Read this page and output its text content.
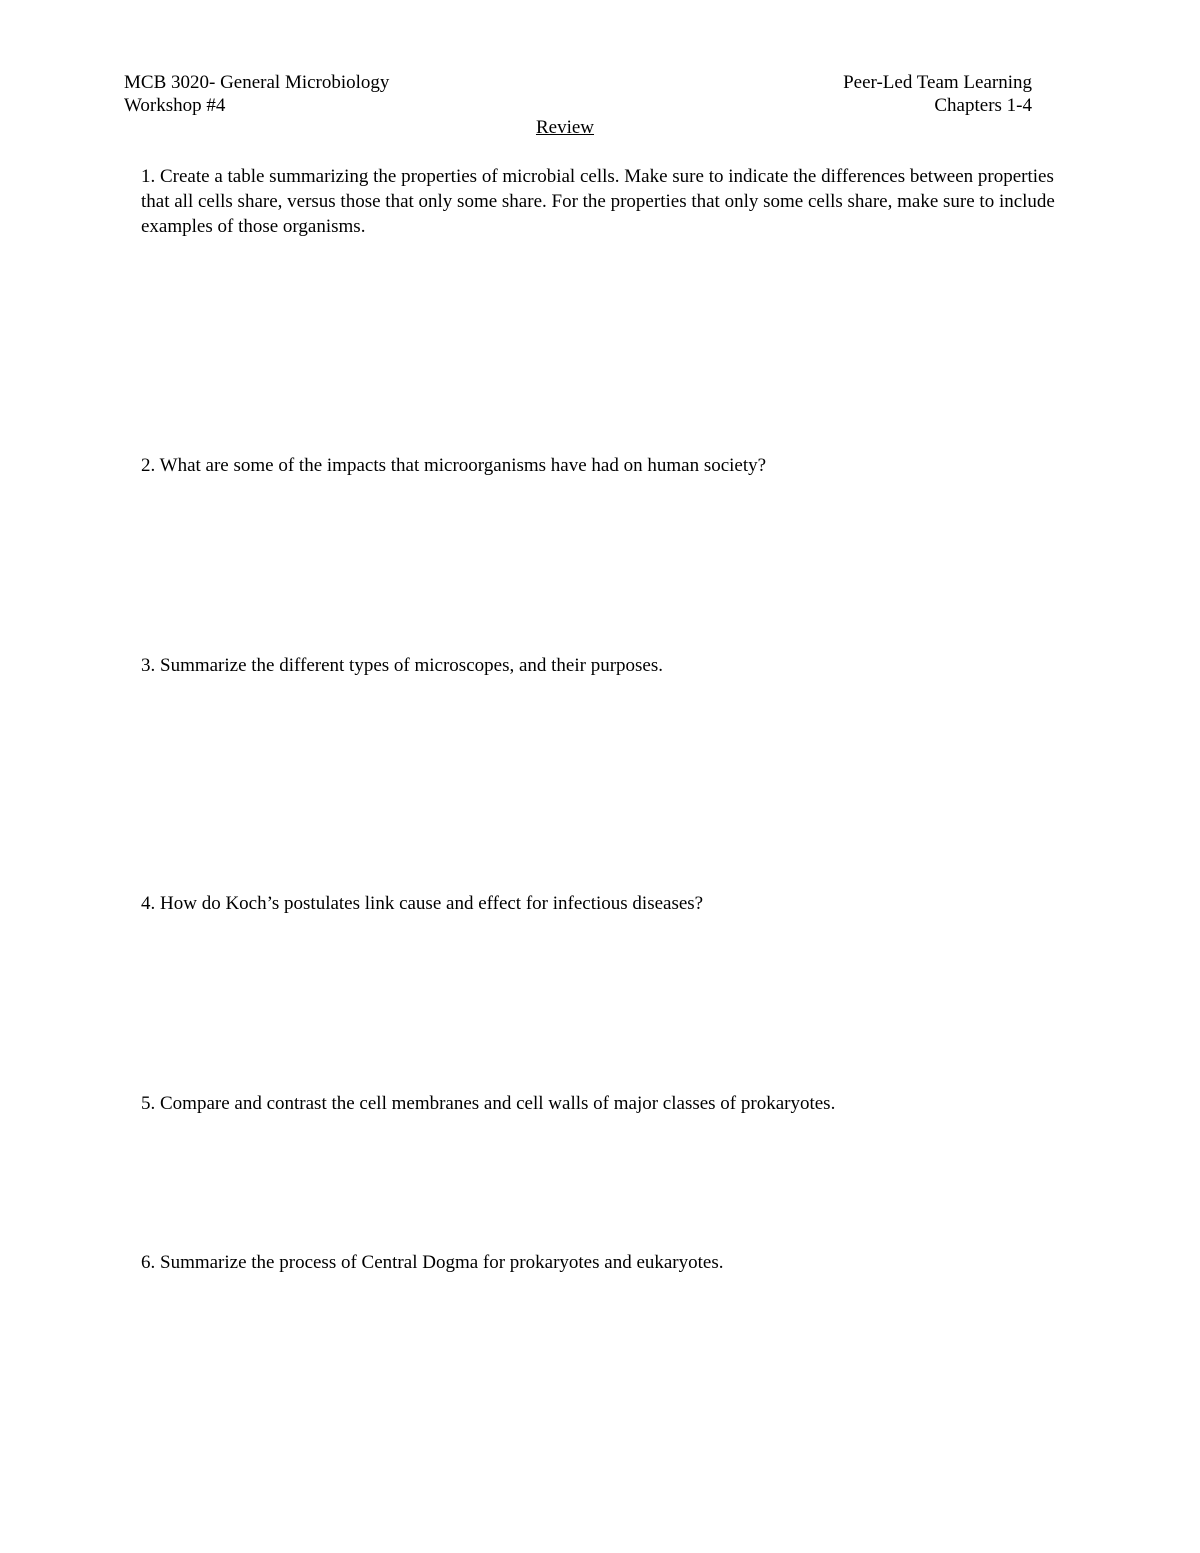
MCB 3020- General Microbiology
Workshop #4
Peer-Led Team Learning
Chapters 1-4
Review
1. Create a table summarizing the properties of microbial cells. Make sure to indicate the differences between properties that all cells share, versus those that only some share. For the properties that only some cells share, make sure to include examples of those organisms.
2. What are some of the impacts that microorganisms have had on human society?
3. Summarize the different types of microscopes, and their purposes.
4. How do Koch’s postulates link cause and effect for infectious diseases?
5. Compare and contrast the cell membranes and cell walls of major classes of prokaryotes.
6. Summarize the process of Central Dogma for prokaryotes and eukaryotes.
